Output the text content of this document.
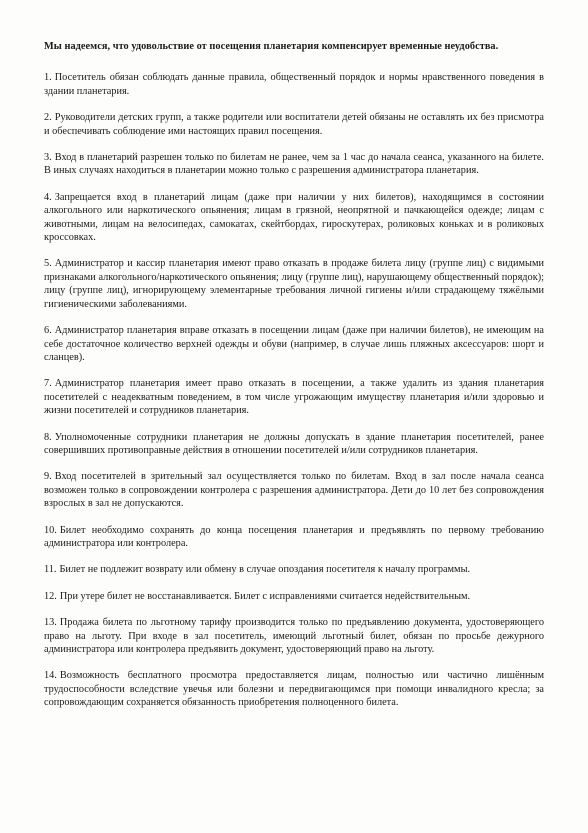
Мы надеемся, что удовольствие от посещения планетария компенсирует временные неудобства.

1. Посетитель обязан соблюдать данные правила, общественный порядок и нормы нравственного поведения в здании планетария.

2. Руководители детских групп, а также родители или воспитатели детей обязаны не оставлять их без присмотра и обеспечивать соблюдение ими настоящих правил посещения.

3. Вход в планетарий разрешен только по билетам не ранее, чем за 1 час до начала сеанса, указанного на билете. В иных случаях находиться в планетарии можно только с разрешения администратора планетария.

4. Запрещается вход в планетарий лицам (даже при наличии у них билетов), находящимся в состоянии алкогольного или наркотического опьянения; лицам в грязной, неопрятной и пачкающейся одежде; лицам с животными, лицам на велосипедах, самокатах, скейтбордах, гироскутерах, роликовых коньках и в роликовых кроссовках.

5. Администратор и кассир планетария имеют право отказать в продаже билета лицу (группе лиц) с видимыми признаками алкогольного/наркотического опьянения; лицу (группе лиц), нарушающему общественный порядок); лицу (группе лиц), игнорирующему элементарные требования личной гигиены и/или страдающему тяжёлыми гигиеническими заболеваниями.

6. Администратор планетария вправе отказать в посещении лицам (даже при наличии билетов), не имеющим на себе достаточное количество верхней одежды и обуви (например, в случае лишь пляжных аксессуаров: шорт и сланцев).

7. Администратор планетария имеет право отказать в посещении, а также удалить из здания планетария посетителей с неадекватным поведением, в том числе угрожающим имуществу планетария и/или здоровью и жизни посетителей и сотрудников планетария.

8. Уполномоченные сотрудники планетария не должны допускать в здание планетария посетителей, ранее совершивших противоправные действия в отношении посетителей и/или сотрудников планетария.

9. Вход посетителей в зрительный зал осуществляется только по билетам. Вход в зал после начала сеанса возможен только в сопровождении контролера с разрешения администратора. Дети до 10 лет без сопровождения взрослых в зал не допускаются.

10. Билет необходимо сохранять до конца посещения планетария и предъявлять по первому требованию администратора или контролера.

11. Билет не подлежит возврату или обмену в случае опоздания посетителя к началу программы.

12. При утере билет не восстанавливается. Билет с исправлениями считается недействительным.

13. Продажа билета по льготному тарифу производится только по предъявлению документа, удостоверяющего право на льготу. При входе в зал посетитель, имеющий льготный билет, обязан по просьбе дежурного администратора или контролера предъявить документ, удостоверяющий право на льготу.

14. Возможность бесплатного просмотра предоставляется лицам, полностью или частично лишённым трудоспособности вследствие увечья или болезни и передвигающимся при помощи инвалидного кресла; за сопровождающим сохраняется обязанность приобретения полноценного билета.
